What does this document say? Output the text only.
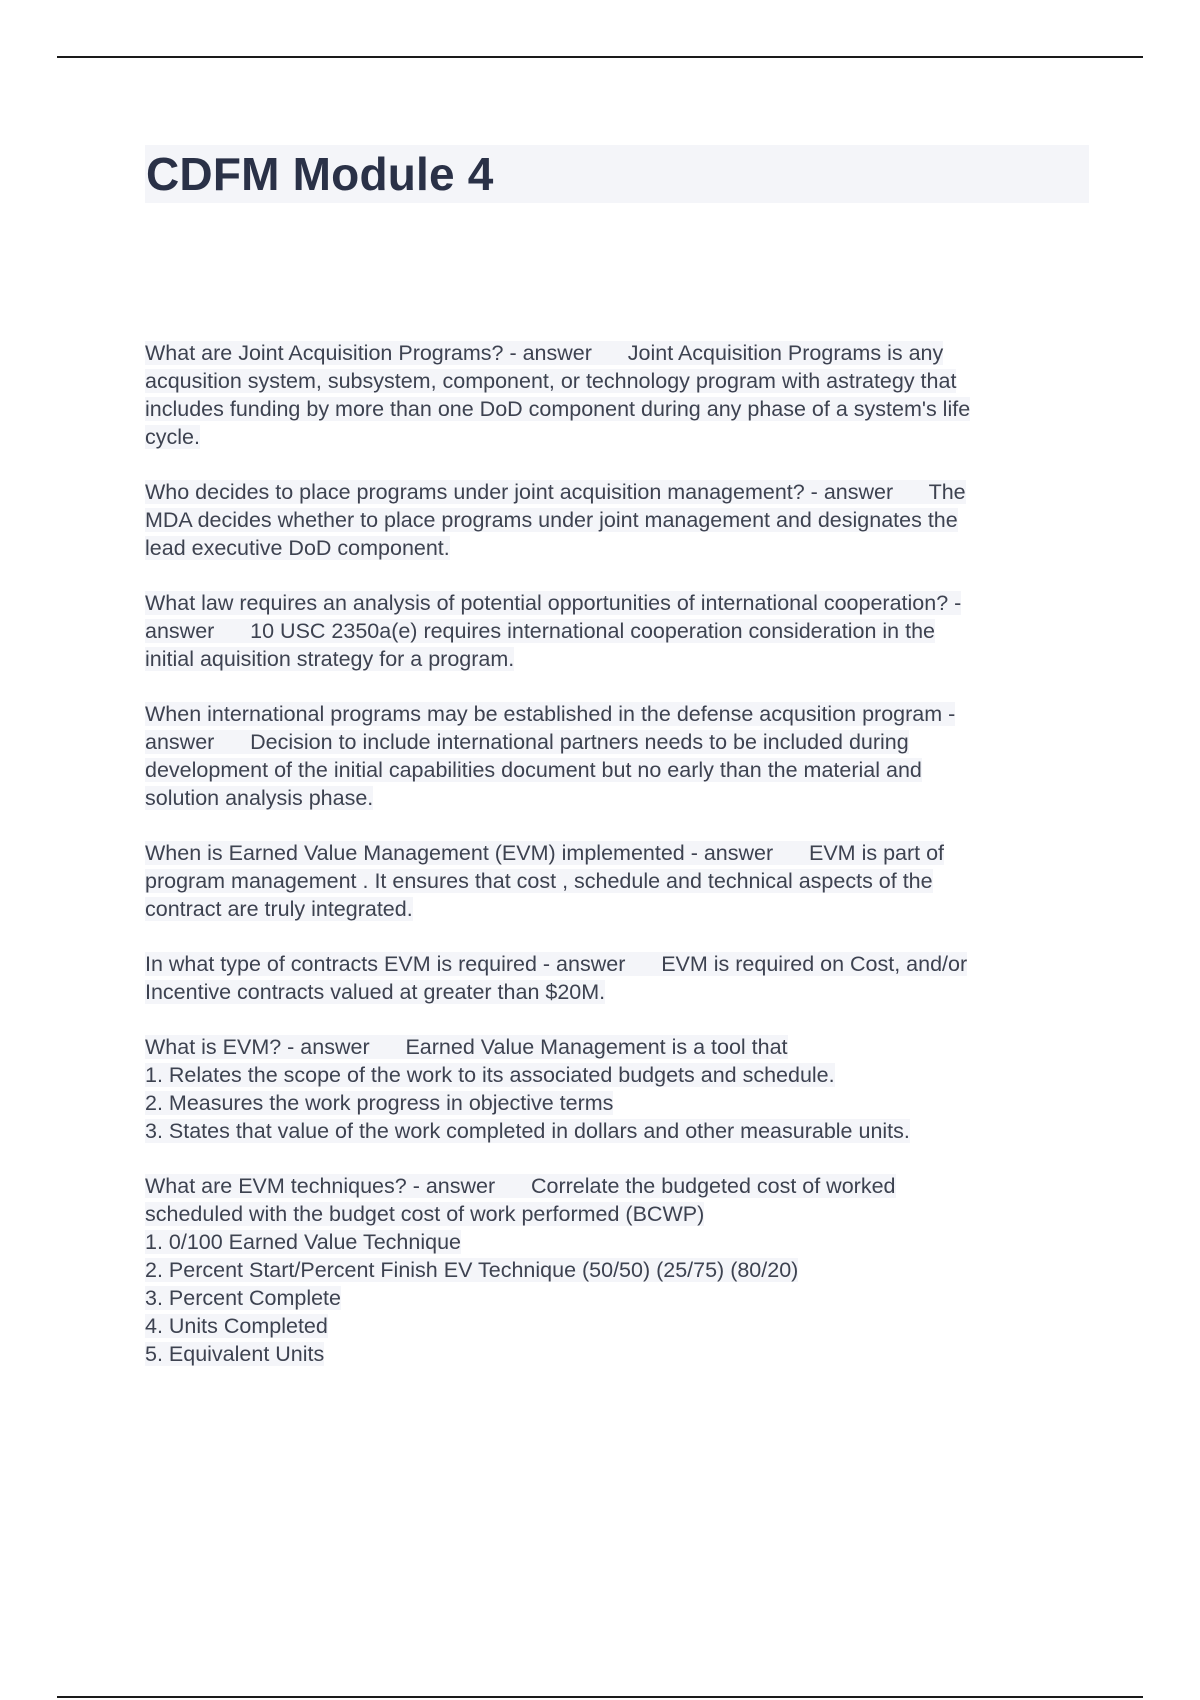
CDFM Module 4

What are Joint Acquisition Programs? - answer      Joint Acquisition Programs is any
acqusition system, subsystem, component, or technology program with astrategy that
includes funding by more than one DoD component during any phase of a system's life
cycle.

Who decides to place programs under joint acquisition management? - answer      The
MDA decides whether to place programs under joint management and designates the
lead executive DoD component.

What law requires an analysis of potential opportunities of international cooperation? -
answer      10 USC 2350a(e) requires international cooperation consideration in the
initial aquisition strategy for a program.

When international programs may be established in the defense acqusition program -
answer      Decision to include international partners needs to be included during
development of the initial capabilities document but no early than the material and
solution analysis phase.

When is Earned Value Management (EVM) implemented - answer      EVM is part of
program management . It ensures that cost , schedule and technical aspects of the
contract are truly integrated.

In what type of contracts EVM is required - answer      EVM is required on Cost, and/or
Incentive contracts valued at greater than $20M.

What is EVM? - answer      Earned Value Management is a tool that
1. Relates the scope of the work to its associated budgets and schedule.
2. Measures the work progress in objective terms
3. States that value of the work completed in dollars and other measurable units.

What are EVM techniques? - answer      Correlate the budgeted cost of worked
scheduled with the budget cost of work performed (BCWP)
1. 0/100 Earned Value Technique
2. Percent Start/Percent Finish EV Technique (50/50) (25/75) (80/20)
3. Percent Complete
4. Units Completed
5. Equivalent Units
